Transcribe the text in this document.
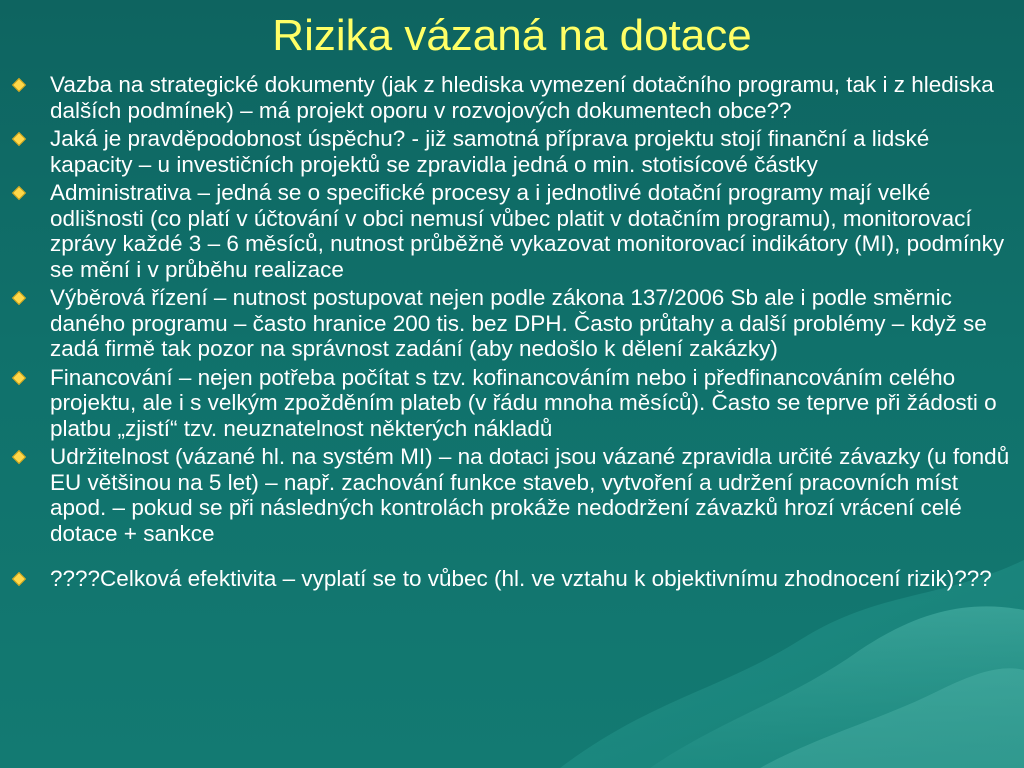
Rizika vázaná na dotace
Vazba na strategické dokumenty (jak z hlediska vymezení dotačního programu, tak i z hlediska dalších podmínek) – má projekt oporu v rozvojových dokumentech obce??
Jaká je pravděpodobnost úspěchu? - již samotná příprava projektu stojí finanční a lidské kapacity – u investičních projektů se zpravidla jedná o min. stotisícové částky
Administrativa – jedná se o specifické procesy a i jednotlivé dotační programy mají velké odlišnosti (co platí v účtování v obci nemusí vůbec platit v dotačním programu), monitorovací zprávy každé 3 – 6 měsíců, nutnost průběžně vykazovat monitorovací indikátory (MI), podmínky se mění i v průběhu realizace
Výběrová řízení – nutnost postupovat nejen podle zákona 137/2006 Sb ale i podle směrnic daného programu – často hranice 200 tis. bez DPH. Často průtahy a další problémy – když se zadá firmě tak pozor na správnost zadání (aby nedošlo k dělení zakázky)
Financování – nejen potřeba počítat s tzv. kofinancováním nebo i předfinancováním celého projektu, ale i s velkým zpožděním plateb (v řádu mnoha měsíců). Často se teprve při žádosti o platbu „zjistí“ tzv. neuznatelnost některých nákladů
Udržitelnost (vázané hl. na systém MI) – na dotaci jsou vázané zpravidla určité závazky (u fondů EU většinou na 5 let) – např. zachování funkce staveb, vytvoření a udržení pracovních míst apod. – pokud se při následných kontrolách prokáže nedodržení závazků hrozí vrácení celé dotace + sankce
????Celková efektivita – vyplatí se to vůbec (hl. ve vztahu k objektivnímu zhodnocení rizik)???
